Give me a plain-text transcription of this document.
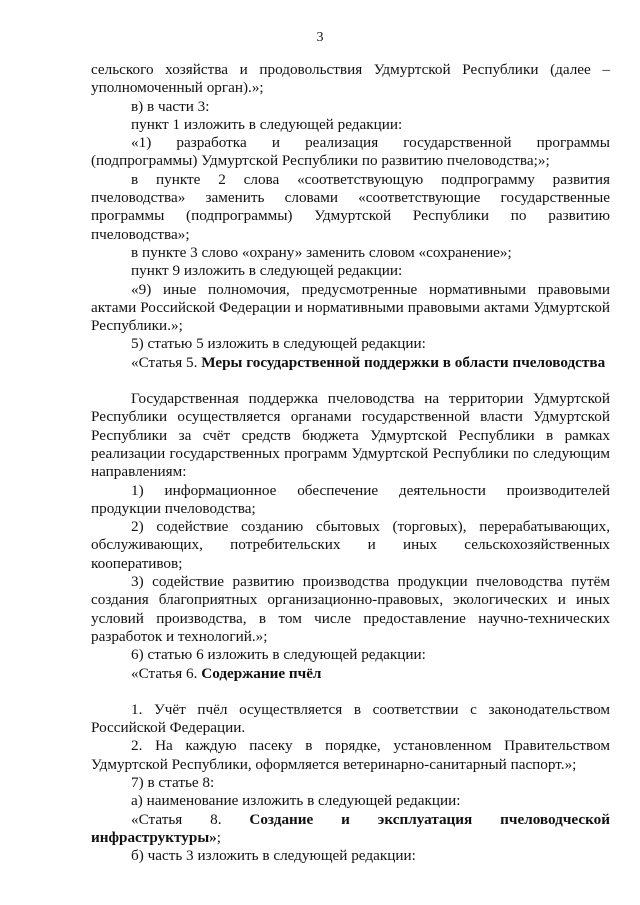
3

сельского хозяйства и продовольствия Удмуртской Республики (далее – уполномоченный орган).»;

в) в части 3:

пункт 1 изложить в следующей редакции:

«1) разработка и реализация государственной программы (подпрограммы) Удмуртской Республики по развитию пчеловодства;»;

в пункте 2 слова «соответствующую подпрограмму развития пчеловодства» заменить словами «соответствующие государственные программы (подпрограммы) Удмуртской Республики по развитию пчеловодства»;

в пункте 3 слово «охрану» заменить словом «сохранение»;

пункт 9 изложить в следующей редакции:

«9) иные полномочия, предусмотренные нормативными правовыми актами Российской Федерации и нормативными правовыми актами Удмуртской Республики.»;

5) статью 5 изложить в следующей редакции:

«Статья 5. Меры государственной поддержки в области пчеловодства

Государственная поддержка пчеловодства на территории Удмуртской Республики осуществляется органами государственной власти Удмуртской Республики за счёт средств бюджета Удмуртской Республики в рамках реализации государственных программ Удмуртской Республики по следующим направлениям:

1) информационное обеспечение деятельности производителей продукции пчеловодства;

2) содействие созданию сбытовых (торговых), перерабатывающих, обслуживающих, потребительских и иных сельскохозяйственных кооперативов;

3) содействие развитию производства продукции пчеловодства путём создания благоприятных организационно-правовых, экологических и иных условий производства, в том числе предоставление научно-технических разработок и технологий.»;

6) статью 6 изложить в следующей редакции:

«Статья 6. Содержание пчёл

1. Учёт пчёл осуществляется в соответствии с законодательством Российской Федерации.

2. На каждую пасеку в порядке, установленном Правительством Удмуртской Республики, оформляется ветеринарно-санитарный паспорт.»;

7) в статье 8:

а) наименование изложить в следующей редакции:

«Статья 8. Создание и эксплуатация пчеловодческой инфраструктуры»;

б) часть 3 изложить в следующей редакции:
